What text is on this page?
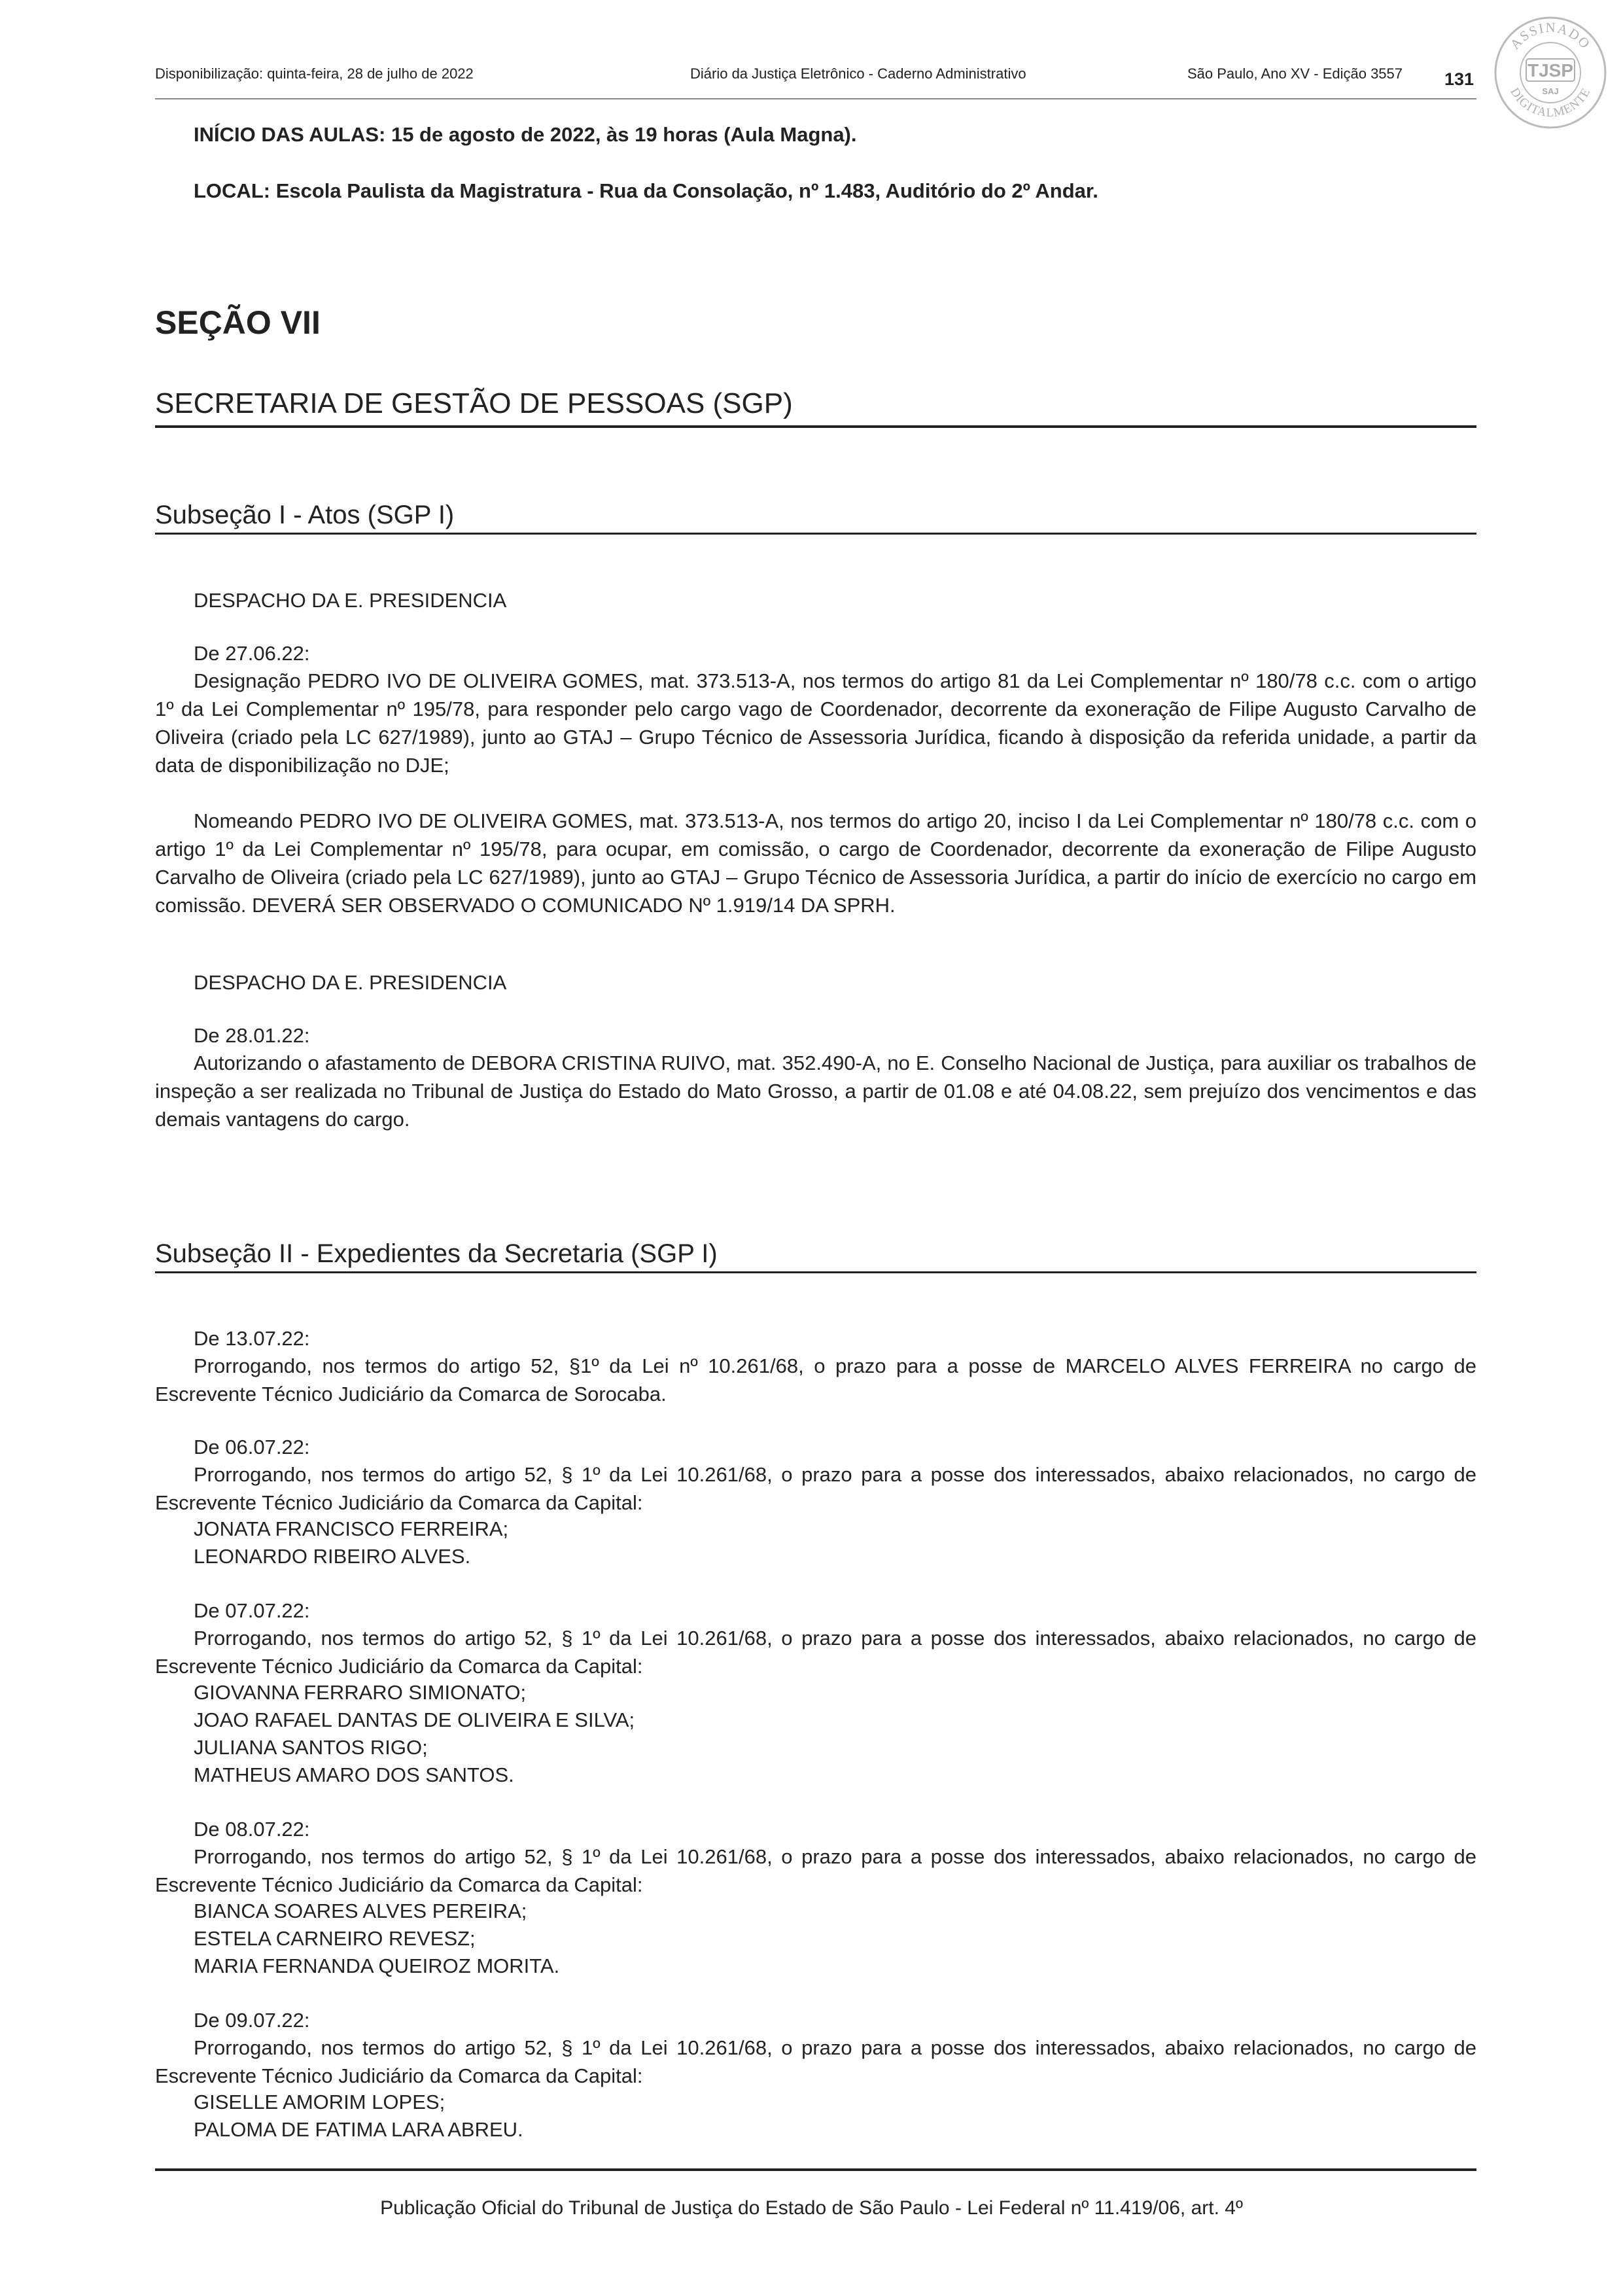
Disponibilização: quinta-feira, 28 de julho de 2022	Diário da Justiça Eletrônico - Caderno Administrativo	São Paulo, Ano XV - Edição 3557 131
ASSINADO
DIGITALMENTE
TJSP
SAJ
INÍCIO DAS AULAS: 15 de agosto de 2022, às 19 horas (Aula Magna).
LOCAL: Escola Paulista da Magistratura - Rua da Consolação, nº 1.483, Auditório do 2º Andar.
SEÇÃO VII
SECRETARIA DE GESTÃO DE PESSOAS (SGP)
Subseção I - Atos (SGP I)
DESPACHO DA E. PRESIDENCIA
De 27.06.22:
Designação PEDRO IVO DE OLIVEIRA GOMES, mat. 373.513-A, nos termos do artigo 81 da Lei Complementar nº 180/78 c.c. com o artigo 1º da Lei Complementar nº 195/78, para responder pelo cargo vago de Coordenador, decorrente da exoneração de Filipe Augusto Carvalho de Oliveira (criado pela LC 627/1989), junto ao GTAJ – Grupo Técnico de Assessoria Jurídica, ficando à disposição da referida unidade, a partir da data de disponibilização no DJE;
Nomeando PEDRO IVO DE OLIVEIRA GOMES, mat. 373.513-A, nos termos do artigo 20, inciso I da Lei Complementar nº 180/78 c.c. com o artigo 1º da Lei Complementar nº 195/78, para ocupar, em comissão, o cargo de Coordenador, decorrente da exoneração de Filipe Augusto Carvalho de Oliveira (criado pela LC 627/1989), junto ao GTAJ – Grupo Técnico de Assessoria Jurídica, a partir do início de exercício no cargo em comissão. DEVERÁ SER OBSERVADO O COMUNICADO Nº 1.919/14 DA SPRH.
DESPACHO DA E. PRESIDENCIA
De 28.01.22:
Autorizando o afastamento de DEBORA CRISTINA RUIVO, mat. 352.490-A, no E. Conselho Nacional de Justiça, para auxiliar os trabalhos de inspeção a ser realizada no Tribunal de Justiça do Estado do Mato Grosso, a partir de 01.08 e até 04.08.22, sem prejuízo dos vencimentos e das demais vantagens do cargo.
Subseção II - Expedientes da Secretaria (SGP I)
De 13.07.22:
Prorrogando, nos termos do artigo 52, §1º da Lei nº 10.261/68, o prazo para a posse de MARCELO ALVES FERREIRA no cargo de Escrevente Técnico Judiciário da Comarca de Sorocaba.
De 06.07.22:
Prorrogando, nos termos do artigo 52, § 1º da Lei 10.261/68, o prazo para a posse dos interessados, abaixo relacionados, no cargo de Escrevente Técnico Judiciário da Comarca da Capital:
JONATA FRANCISCO FERREIRA;
LEONARDO RIBEIRO ALVES.
De 07.07.22:
Prorrogando, nos termos do artigo 52, § 1º da Lei 10.261/68, o prazo para a posse dos interessados, abaixo relacionados, no cargo de Escrevente Técnico Judiciário da Comarca da Capital:
GIOVANNA FERRARO SIMIONATO;
JOAO RAFAEL DANTAS DE OLIVEIRA E SILVA;
JULIANA SANTOS RIGO;
MATHEUS AMARO DOS SANTOS.
De 08.07.22:
Prorrogando, nos termos do artigo 52, § 1º da Lei 10.261/68, o prazo para a posse dos interessados, abaixo relacionados, no cargo de Escrevente Técnico Judiciário da Comarca da Capital:
BIANCA SOARES ALVES PEREIRA;
ESTELA CARNEIRO REVESZ;
MARIA FERNANDA QUEIROZ MORITA.
De 09.07.22:
Prorrogando, nos termos do artigo 52, § 1º da Lei 10.261/68, o prazo para a posse dos interessados, abaixo relacionados, no cargo de Escrevente Técnico Judiciário da Comarca da Capital:
GISELLE AMORIM LOPES;
PALOMA DE FATIMA LARA ABREU.
Publicação Oficial do Tribunal de Justiça do Estado de São Paulo - Lei Federal nº 11.419/06, art. 4º
